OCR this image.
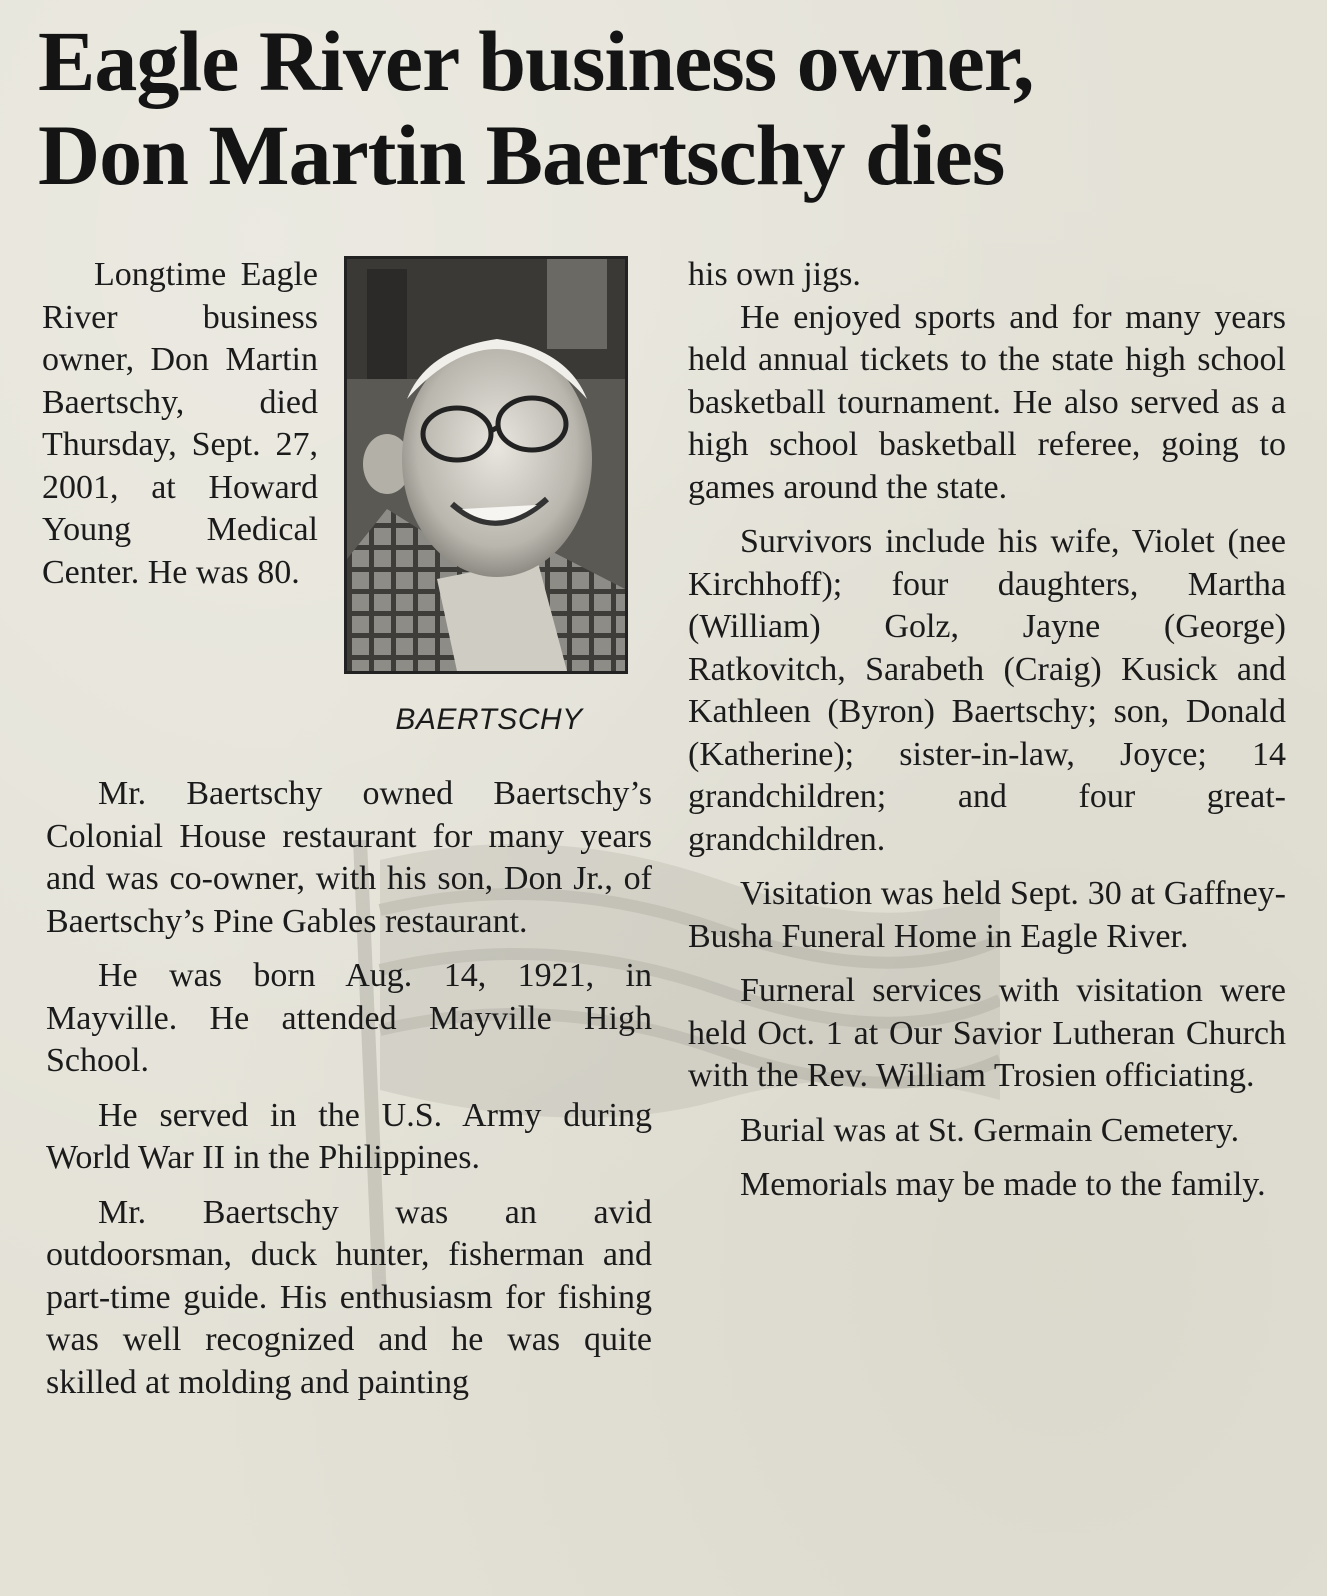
Eagle River business owner,
Don Martin Baertschy dies

Longtime Eagle River business owner, Don Martin Baertschy, died Thursday, Sept. 27, 2001, at Howard Young Medical Center. He was 80.

BAERTSCHY

Mr. Baertschy owned Baertschy’s Colonial House restaurant for many years and was co-owner, with his son, Don Jr., of Baertschy’s Pine Gables restaurant.

He was born Aug. 14, 1921, in Mayville. He attended Mayville High School.

He served in the U.S. Army during World War II in the Philippines.

Mr. Baertschy was an avid outdoorsman, duck hunter, fisherman and part-time guide. His enthusiasm for fishing was well recognized and he was quite skilled at molding and painting

his own jigs.

He enjoyed sports and for many years held annual tickets to the state high school basketball tournament. He also served as a high school basketball referee, going to games around the state.

Survivors include his wife, Violet (nee Kirchhoff); four daughters, Martha (William) Golz, Jayne (George) Ratkovitch, Sarabeth (Craig) Kusick and Kathleen (Byron) Baertschy; son, Donald (Katherine); sister-in-law, Joyce; 14 grandchildren; and four great-grandchildren.

Visitation was held Sept. 30 at Gaffney-Busha Funeral Home in Eagle River.

Furneral services with visitation were held Oct. 1 at Our Savior Lutheran Church with the Rev. William Trosien officiating.

Burial was at St. Germain Cemetery.

Memorials may be made to the family.
